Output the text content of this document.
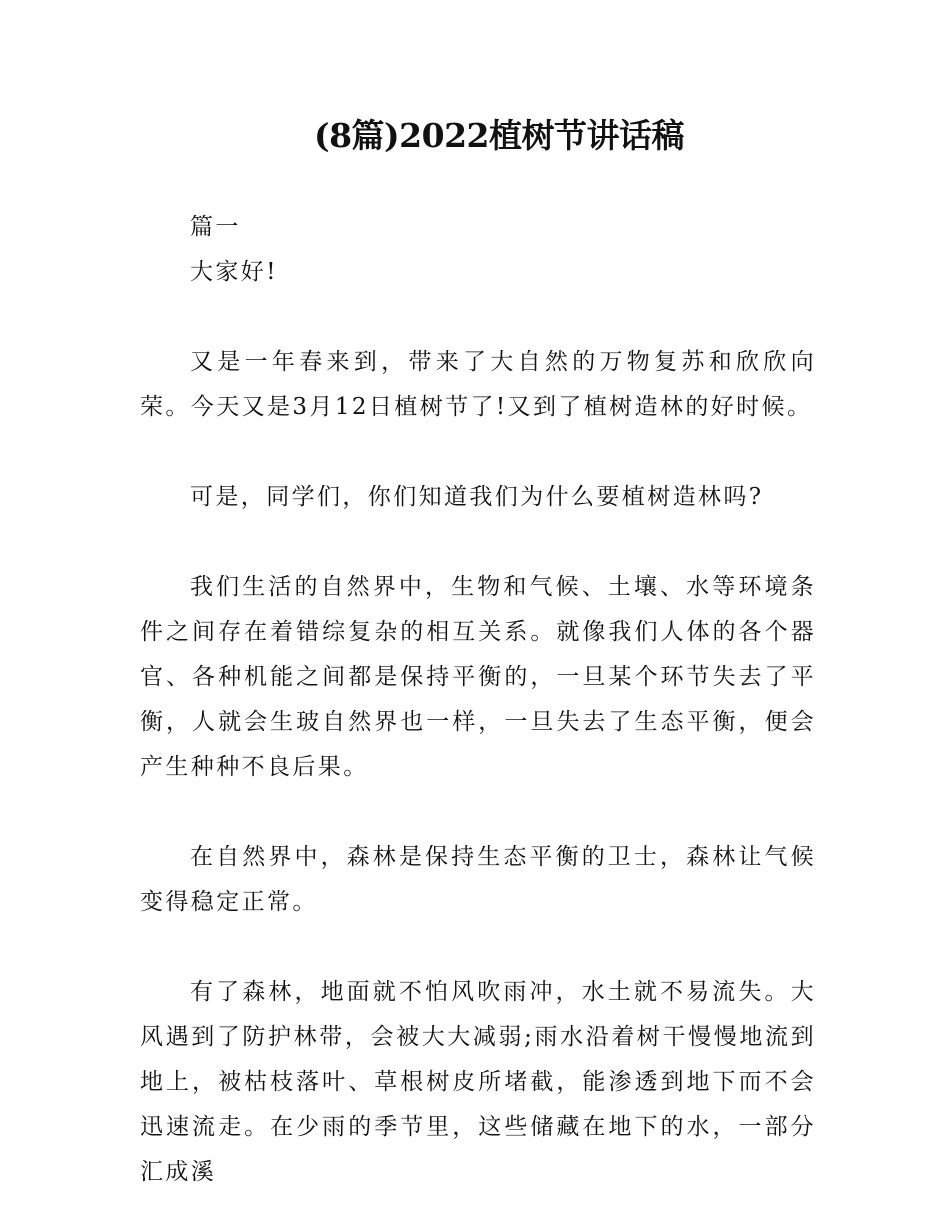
(8篇)2022植树节讲话稿

篇一

大家好!

又是一年春来到，带来了大自然的万物复苏和欣欣向荣。今天又是3月12日植树节了!又到了植树造林的好时候。

可是，同学们，你们知道我们为什么要植树造林吗?

我们生活的自然界中，生物和气候、土壤、水等环境条件之间存在着错综复杂的相互关系。就像我们人体的各个器官、各种机能之间都是保持平衡的，一旦某个环节失去了平衡，人就会生玻自然界也一样，一旦失去了生态平衡，便会产生种种不良后果。

在自然界中，森林是保持生态平衡的卫士，森林让气候变得稳定正常。

有了森林，地面就不怕风吹雨冲，水土就不易流失。大风遇到了防护林带，会被大大减弱;雨水沿着树干慢慢地流到地上，被枯枝落叶、草根树皮所堵截，能渗透到地下而不会迅速流走。在少雨的季节里，这些储藏在地下的水，一部分汇成溪
